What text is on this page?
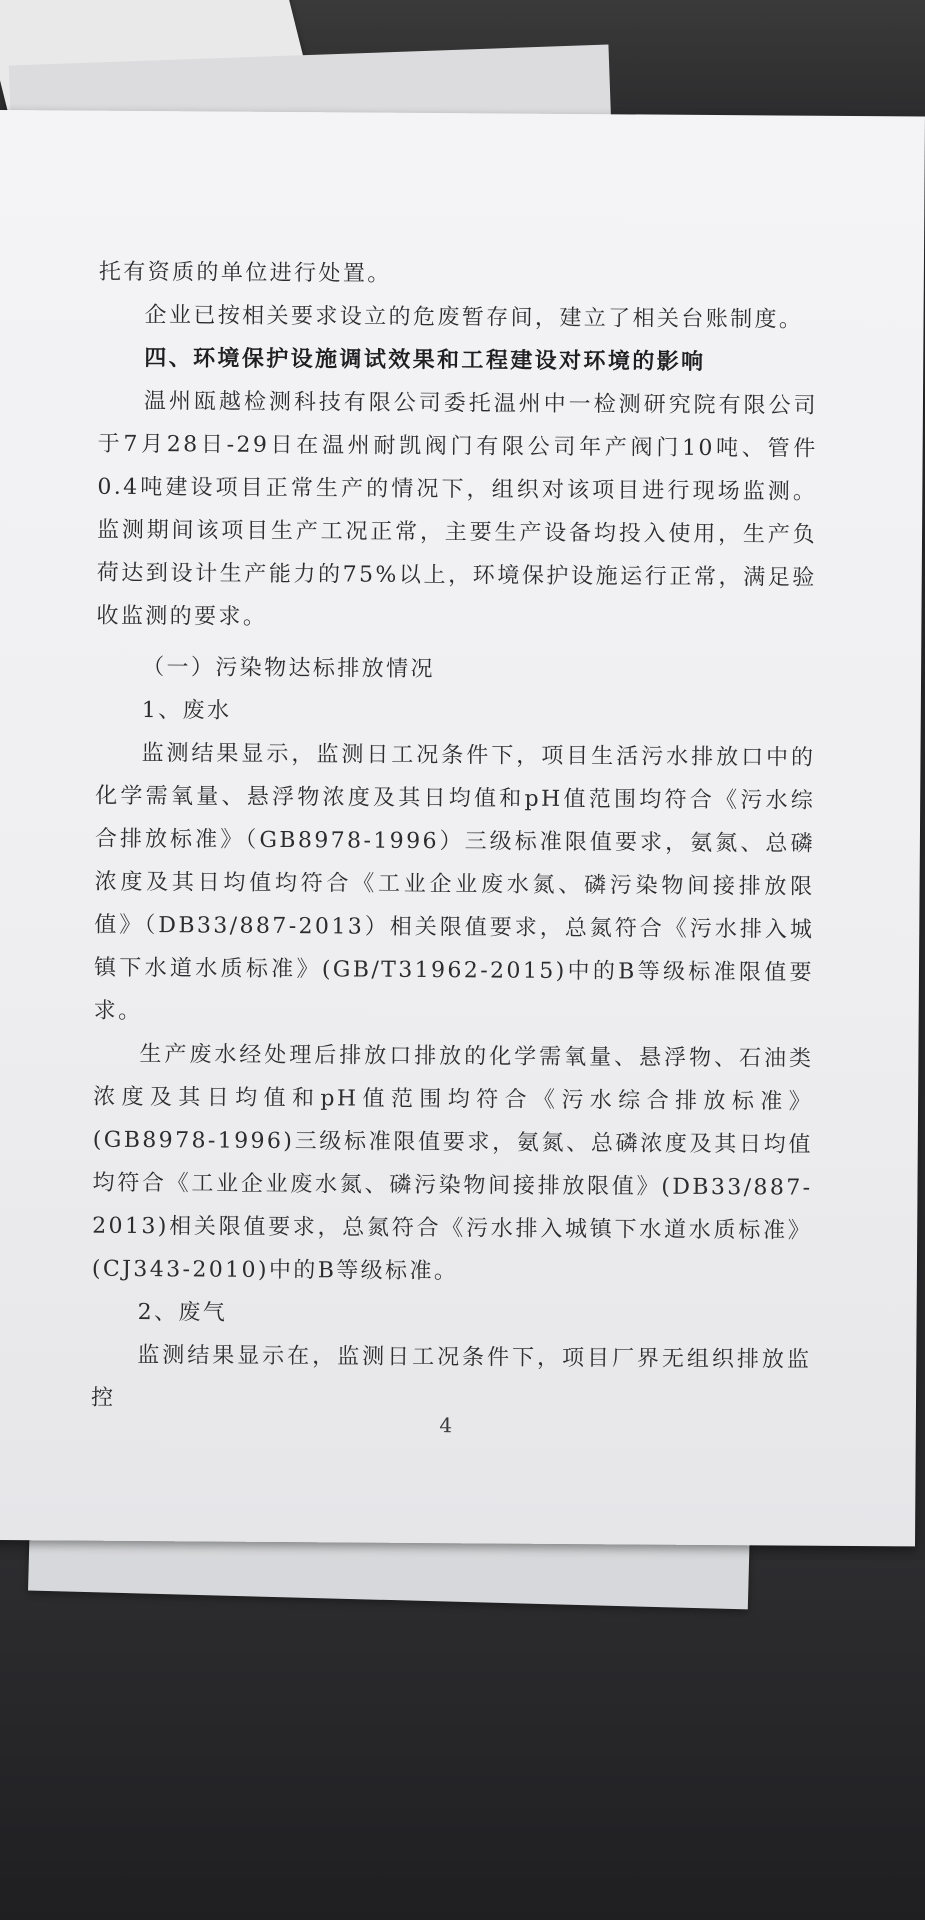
托有资质的单位进行处置。

企业已按相关要求设立的危废暂存间，建立了相关台账制度。

四、环境保护设施调试效果和工程建设对环境的影响

温州瓯越检测科技有限公司委托温州中一检测研究院有限公司于7月28日-29日在温州耐凯阀门有限公司年产阀门10吨、管件0.4吨建设项目正常生产的情况下，组织对该项目进行现场监测。监测期间该项目生产工况正常，主要生产设备均投入使用，生产负荷达到设计生产能力的75%以上，环境保护设施运行正常，满足验收监测的要求。

（一）污染物达标排放情况

1、废水

监测结果显示，监测日工况条件下，项目生活污水排放口中的化学需氧量、悬浮物浓度及其日均值和pH值范围均符合《污水综合排放标准》（GB8978-1996）三级标准限值要求，氨氮、总磷浓度及其日均值均符合《工业企业废水氮、磷污染物间接排放限值》（DB33/887-2013）相关限值要求，总氮符合《污水排入城镇下水道水质标准》(GB/T31962-2015)中的B等级标准限值要求。

生产废水经处理后排放口排放的化学需氧量、悬浮物、石油类浓度及其日均值和pH值范围均符合《污水综合排放标准》(GB8978-1996)三级标准限值要求，氨氮、总磷浓度及其日均值均符合《工业企业废水氮、磷污染物间接排放限值》(DB33/887-2013)相关限值要求，总氮符合《污水排入城镇下水道水质标准》(CJ343-2010)中的B等级标准。

2、废气

监测结果显示在，监测日工况条件下，项目厂界无组织排放监控

4
